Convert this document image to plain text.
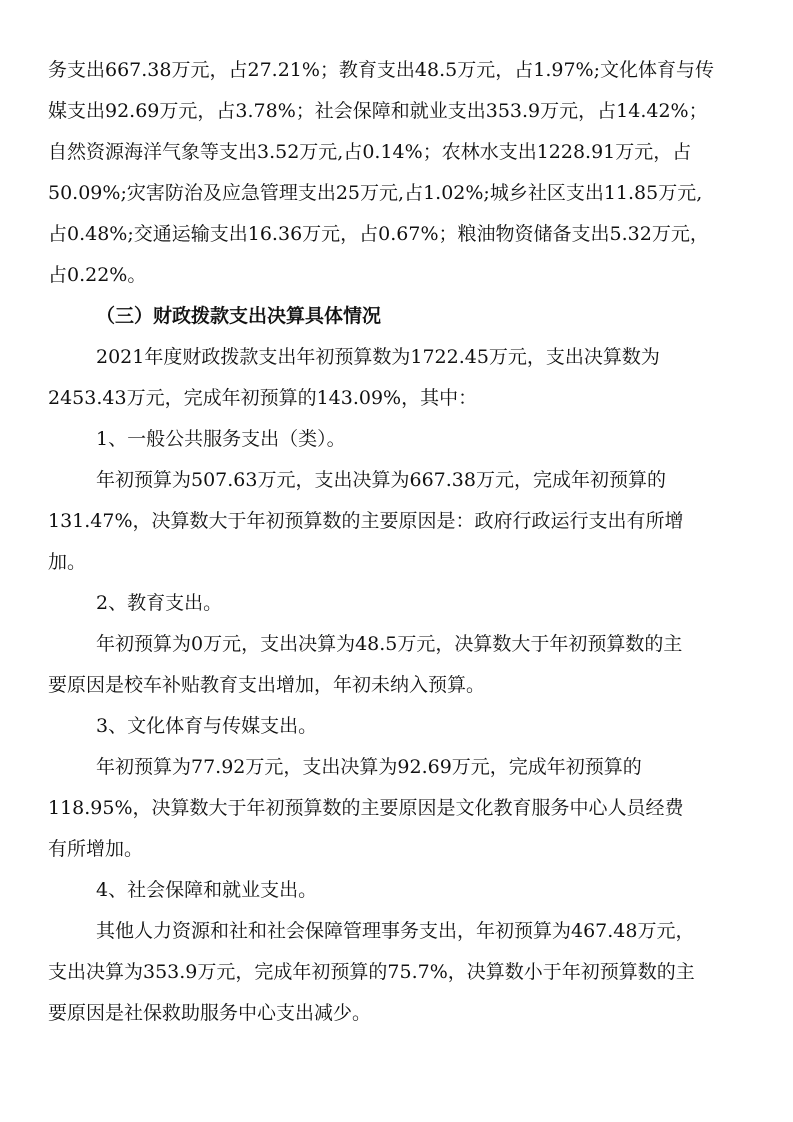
务支出667.38万元，占27.21%；教育支出48.5万元，占1.97%;文化体育与传
媒支出92.69万元，占3.78%；社会保障和就业支出353.9万元，占14.42%；
自然资源海洋气象等支出3.52万元,占0.14%；农林水支出1228.91万元，占
50.09%;灾害防治及应急管理支出25万元,占1.02%;城乡社区支出11.85万元,
占0.48%;交通运输支出16.36万元，占0.67%；粮油物资储备支出5.32万元，
占0.22%。
（三）财政拨款支出决算具体情况
2021年度财政拨款支出年初预算数为1722.45万元，支出决算数为
2453.43万元，完成年初预算的143.09%，其中：
1、一般公共服务支出（类）。
年初预算为507.63万元，支出决算为667.38万元，完成年初预算的
131.47%，决算数大于年初预算数的主要原因是：政府行政运行支出有所增
加。
2、教育支出。
年初预算为0万元，支出决算为48.5万元，决算数大于年初预算数的主
要原因是校车补贴教育支出增加，年初未纳入预算。
3、文化体育与传媒支出。
年初预算为77.92万元，支出决算为92.69万元，完成年初预算的
118.95%，决算数大于年初预算数的主要原因是文化教育服务中心人员经费
有所增加。
4、社会保障和就业支出。
其他人力资源和社和社会保障管理事务支出，年初预算为467.48万元，
支出决算为353.9万元，完成年初预算的75.7%，决算数小于年初预算数的主
要原因是社保救助服务中心支出减少。
